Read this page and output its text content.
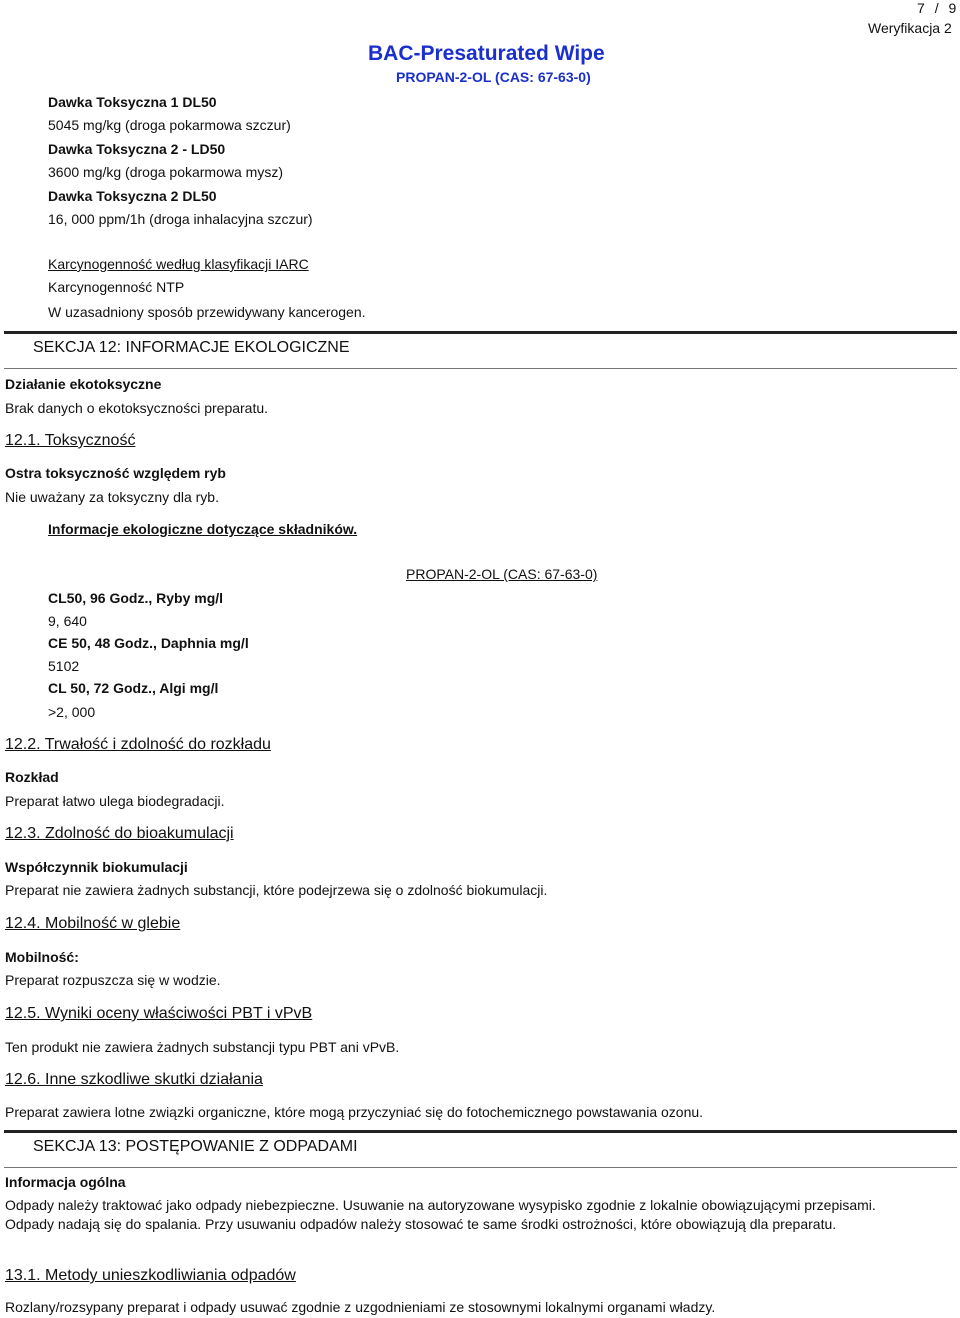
7 / 9
Weryfikacja 2
BAC-Presaturated Wipe
PROPAN-2-OL (CAS: 67-63-0)
Dawka Toksyczna 1 DL50
5045 mg/kg (droga pokarmowa szczur)
Dawka Toksyczna 2 - LD50
3600 mg/kg (droga pokarmowa mysz)
Dawka Toksyczna 2 DL50
16, 000 ppm/1h (droga inhalacyjna szczur)
Karcynogenność według klasyfikacji IARC
Karcynogenność NTP
W uzasadniony sposób przewidywany kancerogen.
SEKCJA 12: INFORMACJE EKOLOGICZNE
Działanie ekotoksyczne
Brak danych o ekotoksyczności preparatu.
12.1. Toksyczność
Ostra toksyczność względem ryb
Nie uważany za toksyczny dla ryb.
Informacje ekologiczne dotyczące składników.
PROPAN-2-OL (CAS: 67-63-0)
CL50, 96 Godz., Ryby mg/l
9, 640
CE 50, 48 Godz., Daphnia mg/l
5102
CL 50, 72 Godz., Algi mg/l
>2, 000
12.2. Trwałość i zdolność do rozkładu
Rozkład
Preparat łatwo ulega biodegradacji.
12.3. Zdolność do bioakumulacji
Współczynnik biokumulacji
Preparat nie zawiera żadnych substancji, które podejrzewa się o zdolność biokumulacji.
12.4. Mobilność w glebie
Mobilność:
Preparat rozpuszcza się w wodzie.
12.5. Wyniki oceny właściwości PBT i vPvB
Ten produkt nie zawiera żadnych substancji typu PBT ani vPvB.
12.6. Inne szkodliwe skutki działania
Preparat zawiera lotne związki organiczne, które mogą przyczyniać się do fotochemicznego powstawania ozonu.
SEKCJA 13: POSTĘPOWANIE Z ODPADAMI
Informacja ogólna
Odpady należy traktować jako odpady niebezpieczne. Usuwanie na autoryzowane wysypisko zgodnie z lokalnie obowiązującymi przepisami. Odpady nadają się do spalania. Przy usuwaniu odpadów należy stosować te same środki ostrożności, które obowiązują dla preparatu.
13.1. Metody unieszkodliwiania odpadów
Rozlany/rozsypany preparat i odpady usuwać zgodnie z uzgodnieniami ze stosownymi lokalnymi organami władzy.
